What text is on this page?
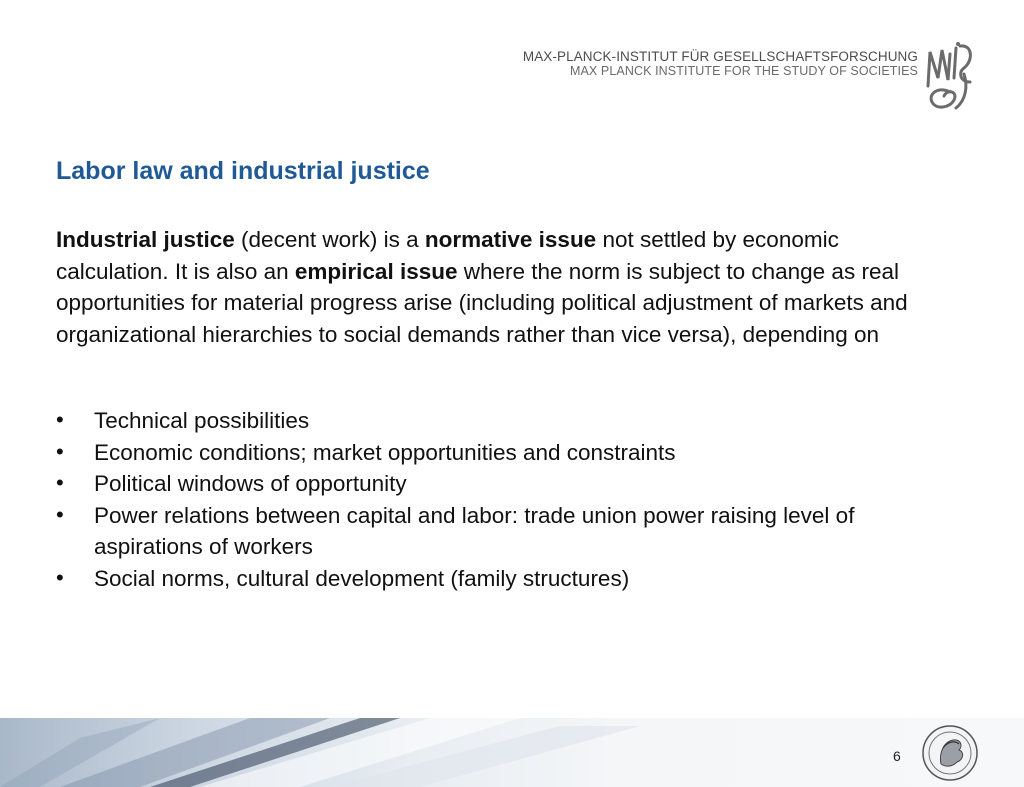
MAX-PLANCK-INSTITUT FÜR GESELLSCHAFTSFORSCHUNG
MAX PLANCK INSTITUTE FOR THE STUDY OF SOCIETIES
Labor law and industrial justice

Industrial justice (decent work) is a normative issue not settled by economic calculation. It is also an empirical issue where the norm is subject to change as real opportunities for material progress arise (including political adjustment of markets and organizational hierarchies to social demands rather than vice versa), depending on

• Technical possibilities
• Economic conditions; market opportunities and constraints
• Political windows of opportunity
• Power relations between capital and labor: trade union power raising level of aspirations of workers
• Social norms, cultural development (family structures)
6
